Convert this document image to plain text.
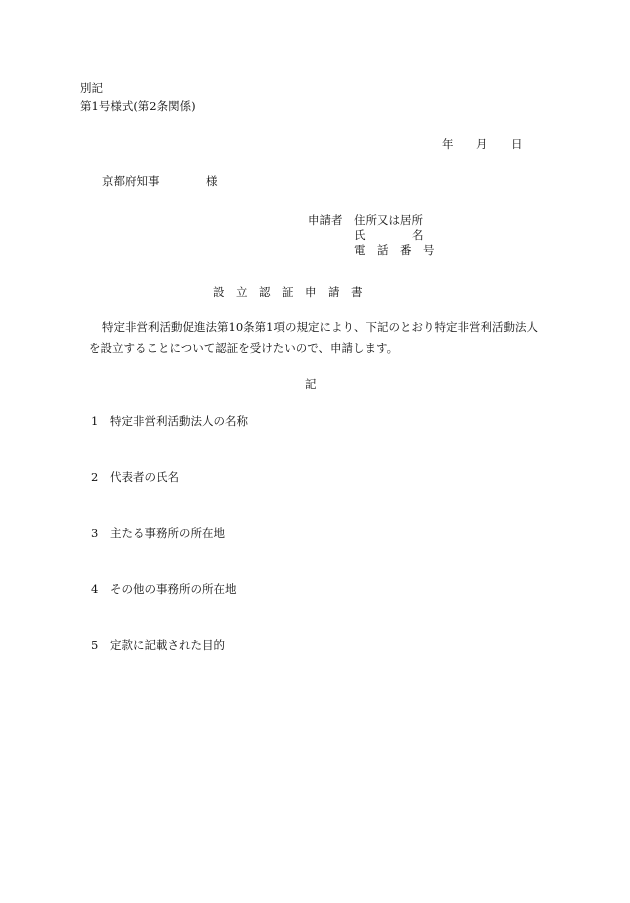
別記
第1号様式(第2条関係)
年 月 日
京都府知事	様
申請者 住所又は居所
氏	名
電　話　番　号
設　立　認　証　申　請　書
特定非営利活動促進法第10条第1項の規定により、下記のとおり特定非営利活動法人
を設立することについて認証を受けたいので、申請します。
記
1 特定非営利活動法人の名称
2 代表者の氏名
3 主たる事務所の所在地
4 その他の事務所の所在地
5 定款に記載された目的
